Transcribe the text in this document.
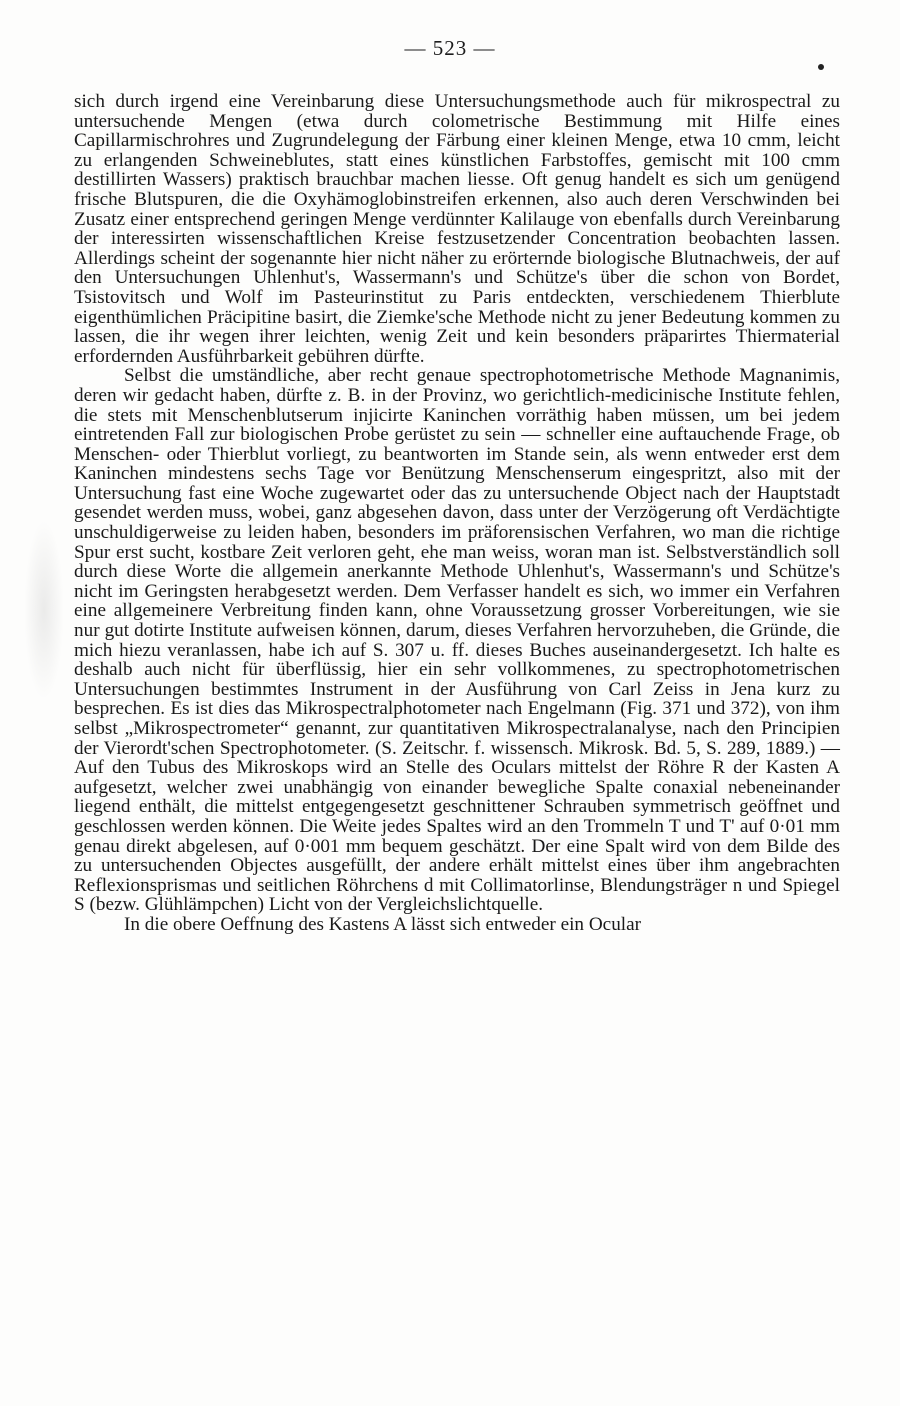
— 523 —

sich durch irgend eine Vereinbarung diese Untersuchungsmethode auch für mikrospectral zu untersuchende Mengen (etwa durch colometrische Bestimmung mit Hilfe eines Capillarmischrohres und Zugrundelegung der Färbung einer kleinen Menge, etwa 10 cmm, leicht zu erlangenden Schweineblutes, statt eines künstlichen Farbstoffes, gemischt mit 100 cmm destillirten Wassers) praktisch brauchbar machen liesse. Oft genug handelt es sich um genügend frische Blutspuren, die die Oxyhämoglobinstreifen erkennen, also auch deren Verschwinden bei Zusatz einer entsprechend geringen Menge verdünnter Kalilauge von ebenfalls durch Vereinbarung der interessirten wissenschaftlichen Kreise festzusetzender Concentration beobachten lassen. Allerdings scheint der sogenannte hier nicht näher zu erörternde biologische Blutnachweis, der auf den Untersuchungen Uhlenhut's, Wassermann's und Schütze's über die schon von Bordet, Tsistovitsch und Wolf im Pasteurinstitut zu Paris entdeckten, verschiedenem Thierblute eigenthümlichen Präcipitine basirt, die Ziemke'sche Methode nicht zu jener Bedeutung kommen zu lassen, die ihr wegen ihrer leichten, wenig Zeit und kein besonders präparirtes Thiermaterial erfordernden Ausführbarkeit gebühren dürfte.

Selbst die umständliche, aber recht genaue spectrophotometrische Methode Magnanimis, deren wir gedacht haben, dürfte z. B. in der Provinz, wo gerichtlich-medicinische Institute fehlen, die stets mit Menschenblutserum injicirte Kaninchen vorräthig haben müssen, um bei jedem eintretenden Fall zur biologischen Probe gerüstet zu sein — schneller eine auftauchende Frage, ob Menschen- oder Thierblut vorliegt, zu beantworten im Stande sein, als wenn entweder erst dem Kaninchen mindestens sechs Tage vor Benützung Menschenserum eingespritzt, also mit der Untersuchung fast eine Woche zugewartet oder das zu untersuchende Object nach der Hauptstadt gesendet werden muss, wobei, ganz abgesehen davon, dass unter der Verzögerung oft Verdächtigte unschuldigerweise zu leiden haben, besonders im präforensischen Verfahren, wo man die richtige Spur erst sucht, kostbare Zeit verloren geht, ehe man weiss, woran man ist. Selbstverständlich soll durch diese Worte die allgemein anerkannte Methode Uhlenhut's, Wassermann's und Schütze's nicht im Geringsten herabgesetzt werden. Dem Verfasser handelt es sich, wo immer ein Verfahren eine allgemeinere Verbreitung finden kann, ohne Voraussetzung grosser Vorbereitungen, wie sie nur gut dotirte Institute aufweisen können, darum, dieses Verfahren hervorzuheben, die Gründe, die mich hiezu veranlassen, habe ich auf S. 307 u. ff. dieses Buches auseinandergesetzt. Ich halte es deshalb auch nicht für überflüssig, hier ein sehr vollkommenes, zu spectrophotometrischen Untersuchungen bestimmtes Instrument in der Ausführung von Carl Zeiss in Jena kurz zu besprechen. Es ist dies das Mikrospectralphotometer nach Engelmann (Fig. 371 und 372), von ihm selbst „Mikrospectrometer“ genannt, zur quantitativen Mikrospectralanalyse, nach den Principien der Vierordt'schen Spectrophotometer. (S. Zeitschr. f. wissensch. Mikrosk. Bd. 5, S. 289, 1889.) — Auf den Tubus des Mikroskops wird an Stelle des Oculars mittelst der Röhre R der Kasten A aufgesetzt, welcher zwei unabhängig von einander bewegliche Spalte conaxial nebeneinander liegend enthält, die mittelst entgegengesetzt geschnittener Schrauben symmetrisch geöffnet und geschlossen werden können. Die Weite jedes Spaltes wird an den Trommeln T und T' auf 0·01 mm genau direkt abgelesen, auf 0·001 mm bequem geschätzt. Der eine Spalt wird von dem Bilde des zu untersuchenden Objectes ausgefüllt, der andere erhält mittelst eines über ihm angebrachten Reflexionsprismas und seitlichen Röhrchens d mit Collimatorlinse, Blendungsträger n und Spiegel S (bezw. Glühlämpchen) Licht von der Vergleichslichtquelle.

In die obere Oeffnung des Kastens A lässt sich entweder ein Ocular
